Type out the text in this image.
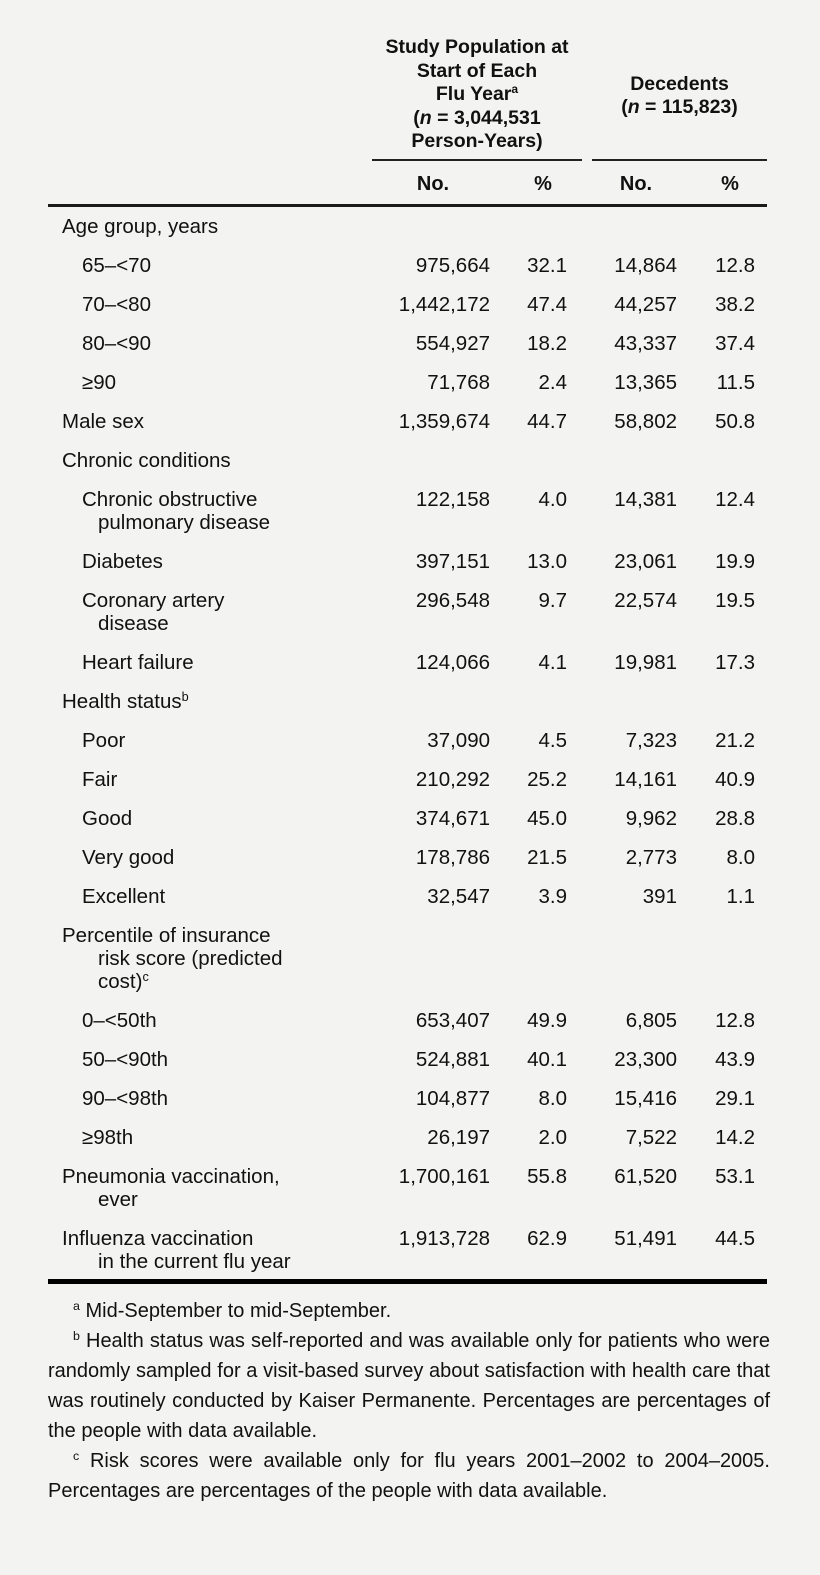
Study Population at
Start of Each
Flu Year$^a$
(n = 3,044,531
Person-Years)

Decedents
(n = 115,823)

	No.	%		No.	%

Age group, years					

65–<70	975,664	32.1		14,864	12.8

70–<80	1,442,172	47.4		44,257	38.2

80–<90	554,927	18.2		43,337	37.4

≥90	71,768	2.4		13,365	11.5

Male sex	1,359,674	44.7		58,802	50.8

Chronic conditions					

Chronic obstructive
pulmonary disease	122,158	4.0		14,381	12.4

Diabetes	397,151	13.0		23,061	19.9

Coronary artery
disease	296,548	9.7		22,574	19.5

Heart failure	124,066	4.1		19,981	17.3

Health status$^b$

Poor	37,090	4.5		7,323	21.2

Fair	210,292	25.2		14,161	40.9

Good	374,671	45.0		9,962	28.8

Very good	178,786	21.5		2,773	8.0

Excellent	32,547	3.9		391	1.1

Percentile of insurance
risk score (predicted
cost)$^c$

0–<50th	653,407	49.9		6,805	12.8

50–<90th	524,881	40.1		23,300	43.9

90–<98th	104,877	8.0		15,416	29.1

≥98th	26,197	2.0		7,522	14.2

Pneumonia vaccination,
ever	1,700,161	55.8		61,520	53.1

Influenza vaccination
in the current flu year	1,913,728	62.9		51,491	44.5

$^a$ Mid-September to mid-September.

$^b$ Health status was self-reported and was available only for patients who were randomly sampled for a visit-based survey about satisfaction with health care that was routinely conducted by Kaiser Permanente. Percentages are percentages of the people with data available.

$^c$ Risk scores were available only for flu years 2001–2002 to 2004–2005. Percentages are percentages of the people with data available.
